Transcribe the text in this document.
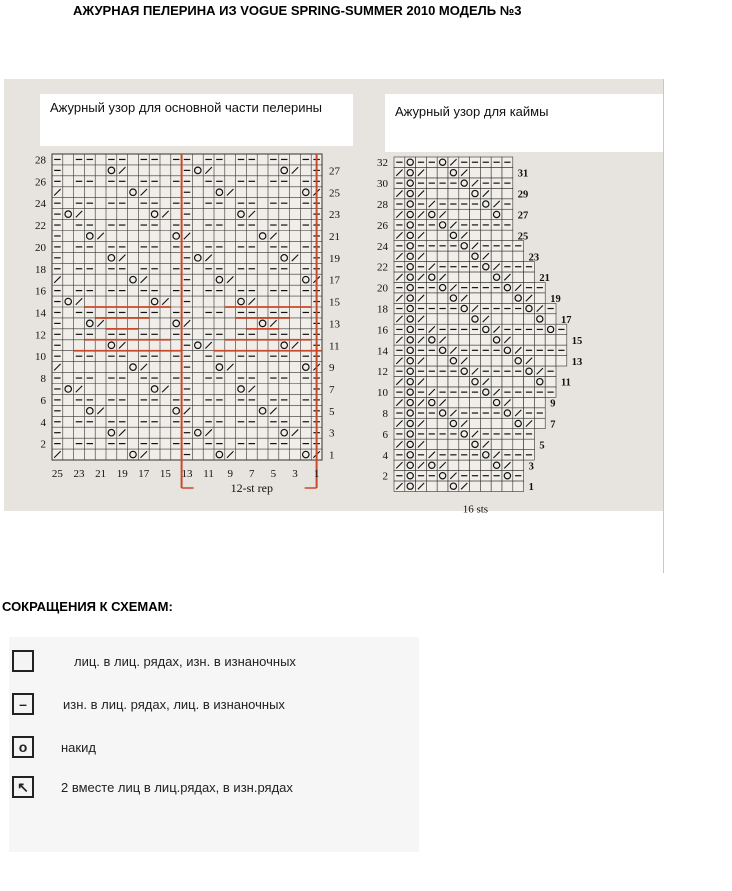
АЖУРНАЯ ПЕЛЕРИНА ИЗ VOGUE SPRING-SUMMER 2010 МОДЕЛЬ №3
Ажурный узор для основной части пелерины	Ажурный узор для каймы
28
26
24
22
20
18
16
14
12
10
8
6
4
2
27
25
23
21
19
17
15
13
11
9
7
5
3
1
25 23 21 19 17 15 13 11 9 7 5 3 1
12-st rep	1
3
5
7
9
11
13
15
17
19
21
23
25
27
29
31
32
30
28
26
24
22
20
18
16
14
12
10
8
6
4
2
16 sts
СОКРАЩЕНИЯ К СХЕМАМ:
лиц. в лиц. рядах, изн. в изнаночных
–	изн. в лиц. рядах, лиц. в изнаночных
o	накид
↖	2 вместе лиц в лиц.рядах, в изн.рядах
